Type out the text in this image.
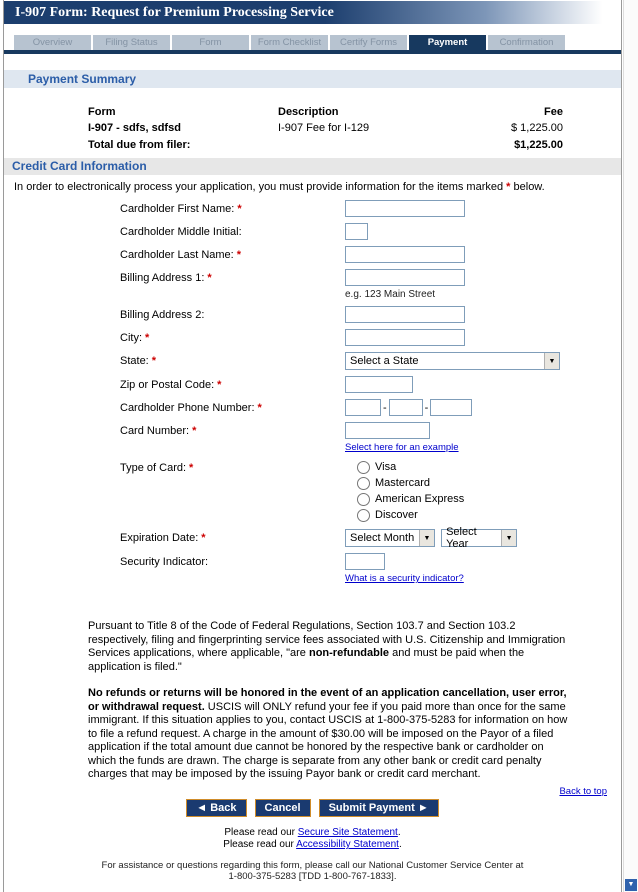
I-907 Form: Request for Premium Processing Service
Overview	Filing Status	Form	Form Checklist	Certify Forms	Payment	Confirmation
Payment Summary
Form	Description	Fee
I-907 - sdfs, sdfsd	I-907 Fee for I-129	$ 1,225.00
Total due from filer:	$1,225.00
Credit Card Information
In order to electronically process your application, you must provide information for the items marked * below.
Cardholder First Name: *
Cardholder Middle Initial:
Cardholder Last Name: *
Billing Address 1: *
e.g. 123 Main Street
Billing Address 2:
City: *
State: *	Select a State	▼
Zip or Postal Code: *
Cardholder Phone Number: *	-	-
Card Number: *
Select here for an example
Type of Card: *	Visa
Mastercard
American Express
Discover
Expiration Date: *	Select Month	▼
	Select Year	▼
Security Indicator:
What is a security indicator?

Pursuant to Title 8 of the Code of Federal Regulations, Section 103.7 and Section 103.2 respectively, filing and fingerprinting service fees associated with U.S. Citizenship and Immigration Services applications, where applicable, "are non-refundable and must be paid when the application is filed."

No refunds or returns will be honored in the event of an application cancellation, user error, or withdrawal request. USCIS will ONLY refund your fee if you paid more than once for the same immigrant. If this situation applies to you, contact USCIS at 1-800-375-5283 for information on how to file a refund request. A charge in the amount of $30.00 will be imposed on the Payor of a filed application if the total amount due cannot be honored by the respective bank or cardholder on which the funds are drawn. The charge is separate from any other bank or credit card penalty charges that may be imposed by the issuing Payor bank or credit card merchant.

Back to top
◄ Back	Cancel	Submit Payment ►
Please read our Secure Site Statement.
Please read our Accessibility Statement.
For assistance or questions regarding this form, please call our National Customer Service Center at
1-800-375-5283 [TDD 1-800-767-1833].
▼
